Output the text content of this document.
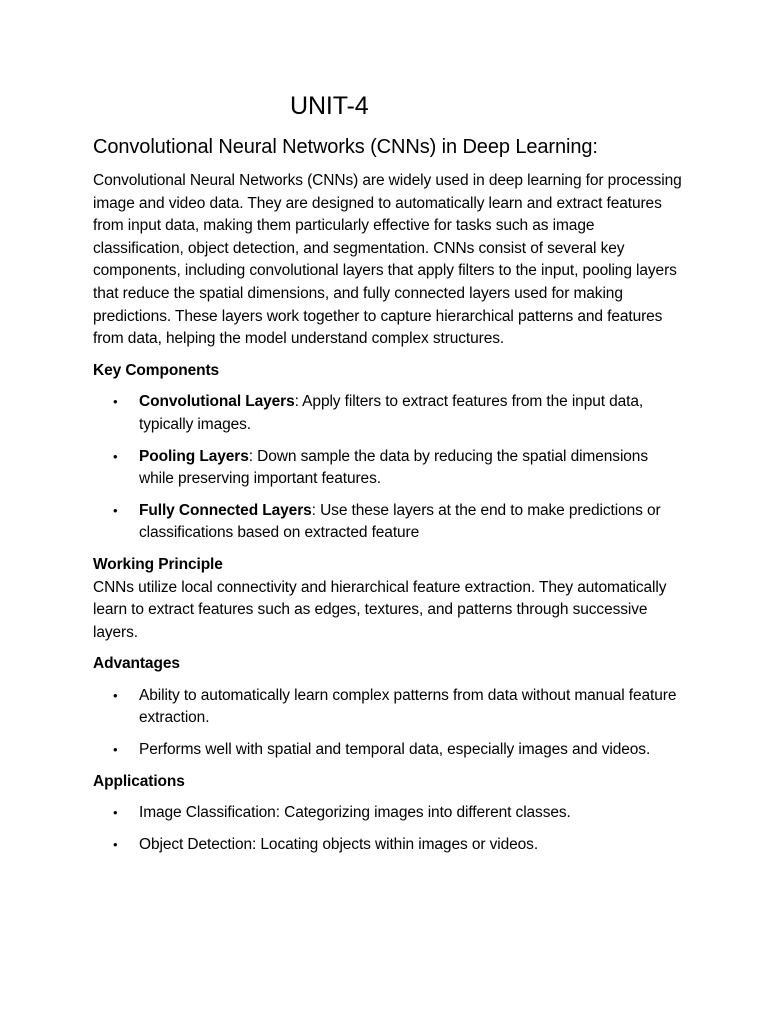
UNIT-4
Convolutional Neural Networks (CNNs) in Deep Learning:

Convolutional Neural Networks (CNNs) are widely used in deep learning for processing image and video data. They are designed to automatically learn and extract features from input data, making them particularly effective for tasks such as image classification, object detection, and segmentation. CNNs consist of several key components, including convolutional layers that apply filters to the input, pooling layers that reduce the spatial dimensions, and fully connected layers used for making predictions. These layers work together to capture hierarchical patterns and features from data, helping the model understand complex structures.

Key Components

• Convolutional Layers: Apply filters to extract features from the input data, typically images.
• Pooling Layers: Down sample the data by reducing the spatial dimensions while preserving important features.
• Fully Connected Layers: Use these layers at the end to make predictions or classifications based on extracted feature

Working Principle

CNNs utilize local connectivity and hierarchical feature extraction. They automatically learn to extract features such as edges, textures, and patterns through successive layers.

Advantages

• Ability to automatically learn complex patterns from data without manual feature extraction.
• Performs well with spatial and temporal data, especially images and videos.

Applications

• Image Classification: Categorizing images into different classes.
• Object Detection: Locating objects within images or videos.
